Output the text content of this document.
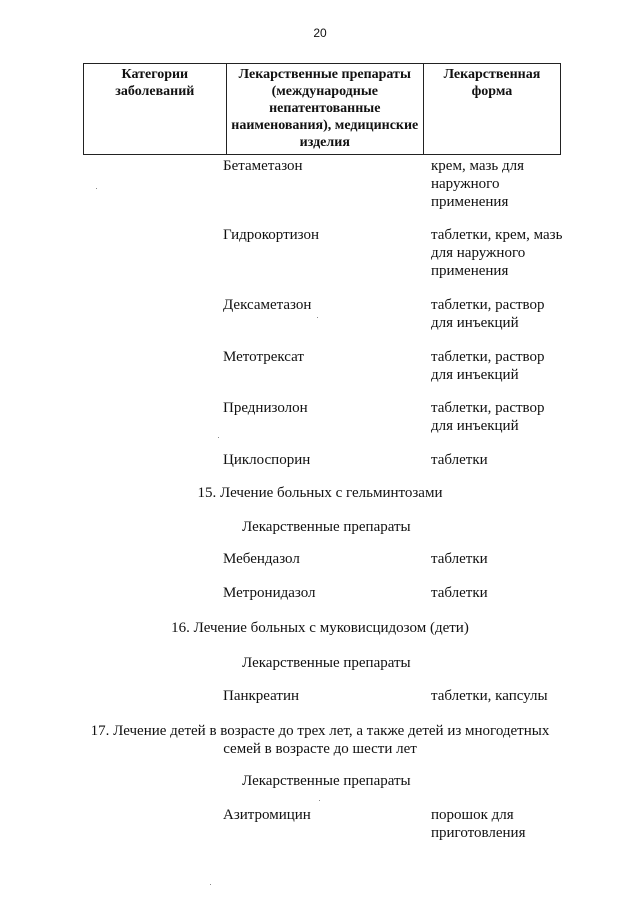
20
Категории заболеваний	Лекарственные препараты (международные непатентованные наименования), медицинские изделия	Лекарственная форма
Бетаметазон	крем, мазь для наружного применения
Гидрокортизон	таблетки, крем, мазь для наружного применения
Дексаметазон	таблетки, раствор для инъекций
Метотрексат	таблетки, раствор для инъекций
Преднизолон	таблетки, раствор для инъекций
Циклоспорин	таблетки
15. Лечение больных с гельминтозами
Лекарственные препараты
Мебендазол	таблетки
Метронидазол	таблетки
16. Лечение больных с муковисцидозом (дети)
Лекарственные препараты
Панкреатин	таблетки, капсулы
17. Лечение детей в возрасте до трех лет, а также детей из многодетных
семей в возрасте до шести лет
Лекарственные препараты
Азитромицин	порошок для приготовления
